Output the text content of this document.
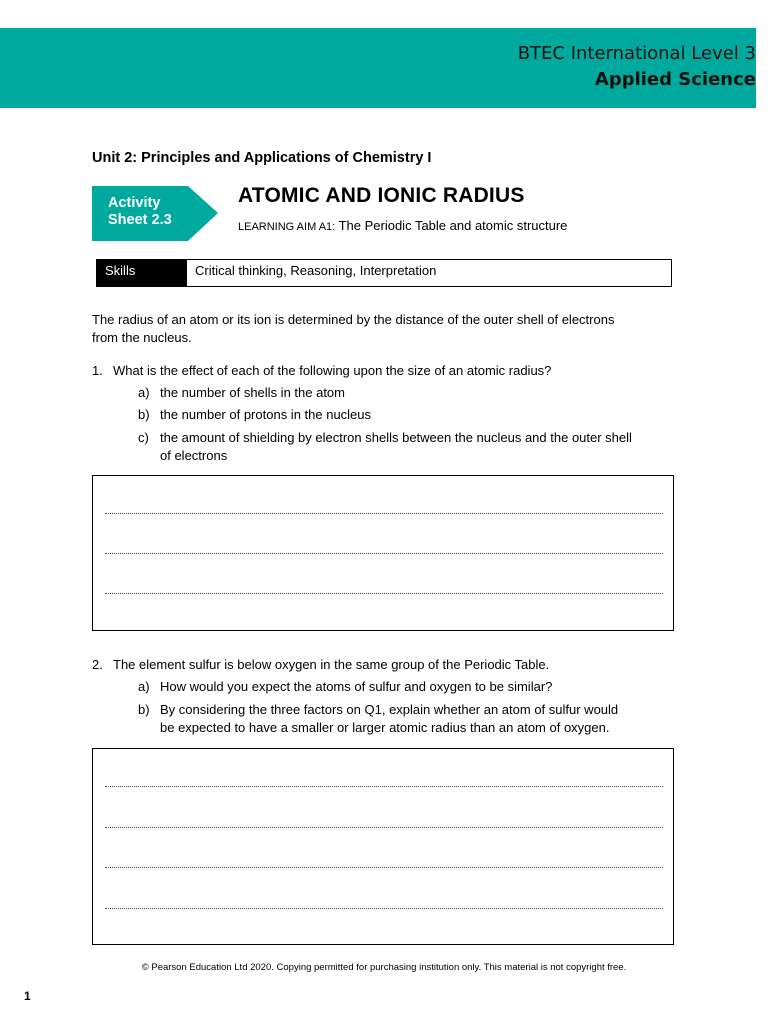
BTEC International Level 3
Applied Science
Unit 2: Principles and Applications of Chemistry I
Activity
Sheet 2.3
ATOMIC AND IONIC RADIUS
LEARNING AIM A1: The Periodic Table and atomic structure
Skills	Critical thinking, Reasoning, Interpretation
The radius of an atom or its ion is determined by the distance of the outer shell of electrons
from the nucleus.
1. What is the effect of each of the following upon the size of an atomic radius?
a) the number of shells in the atom
b) the number of protons in the nucleus
c) the amount of shielding by electron shells between the nucleus and the outer shell
of electrons
2. The element sulfur is below oxygen in the same group of the Periodic Table.
a) How would you expect the atoms of sulfur and oxygen to be similar?
b) By considering the three factors on Q1, explain whether an atom of sulfur would
be expected to have a smaller or larger atomic radius than an atom of oxygen.
© Pearson Education Ltd 2020. Copying permitted for purchasing institution only. This material is not copyright free.
1
